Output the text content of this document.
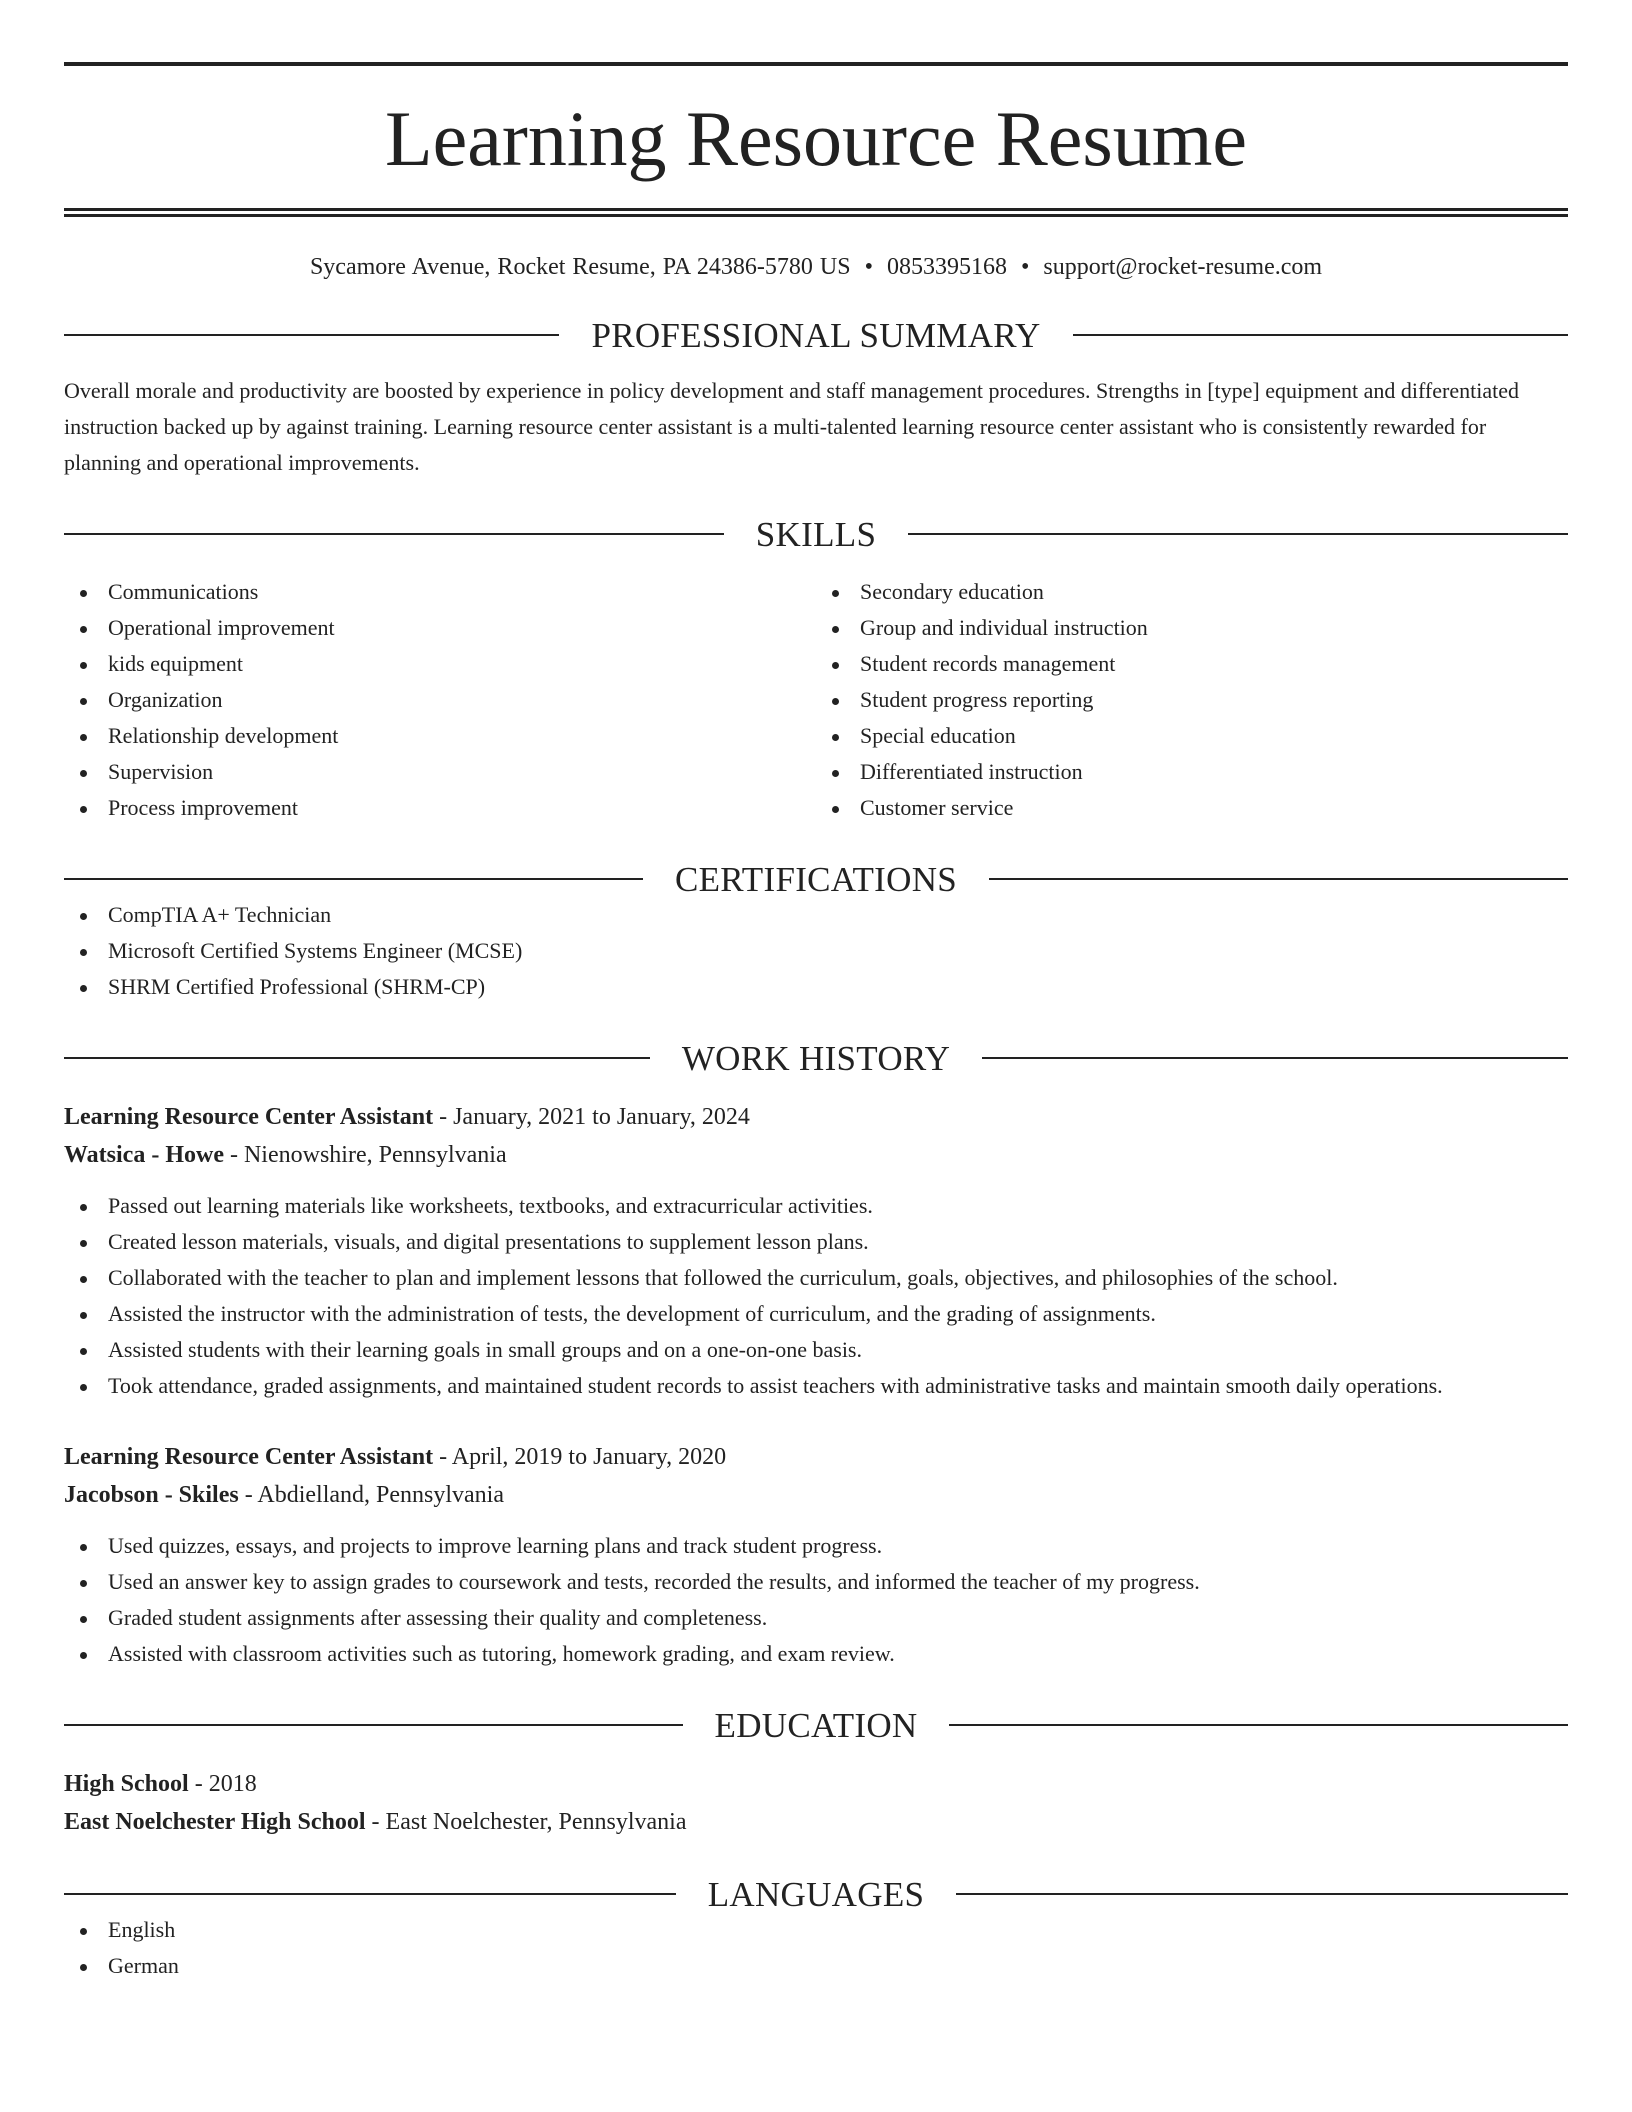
Learning Resource Resume
Sycamore Avenue, Rocket Resume, PA 24386-5780 US • 0853395168 • support@rocket-resume.com
PROFESSIONAL SUMMARY
Overall morale and productivity are boosted by experience in policy development and staff management procedures. Strengths in [type] equipment and differentiated instruction backed up by against training. Learning resource center assistant is a multi-talented learning resource center assistant who is consistently rewarded for planning and operational improvements.
SKILLS
Communications
Operational improvement
kids equipment
Organization
Relationship development
Supervision
Process improvement
Secondary education
Group and individual instruction
Student records management
Student progress reporting
Special education
Differentiated instruction
Customer service
CERTIFICATIONS
CompTIA A+ Technician
Microsoft Certified Systems Engineer (MCSE)
SHRM Certified Professional (SHRM-CP)
WORK HISTORY
Learning Resource Center Assistant - January, 2021 to January, 2024
Watsica - Howe - Nienowshire, Pennsylvania
Passed out learning materials like worksheets, textbooks, and extracurricular activities.
Created lesson materials, visuals, and digital presentations to supplement lesson plans.
Collaborated with the teacher to plan and implement lessons that followed the curriculum, goals, objectives, and philosophies of the school.
Assisted the instructor with the administration of tests, the development of curriculum, and the grading of assignments.
Assisted students with their learning goals in small groups and on a one-on-one basis.
Took attendance, graded assignments, and maintained student records to assist teachers with administrative tasks and maintain smooth daily operations.
Learning Resource Center Assistant - April, 2019 to January, 2020
Jacobson - Skiles - Abdielland, Pennsylvania
Used quizzes, essays, and projects to improve learning plans and track student progress.
Used an answer key to assign grades to coursework and tests, recorded the results, and informed the teacher of my progress.
Graded student assignments after assessing their quality and completeness.
Assisted with classroom activities such as tutoring, homework grading, and exam review.
EDUCATION
High School - 2018
East Noelchester High School - East Noelchester, Pennsylvania
LANGUAGES
English
German
